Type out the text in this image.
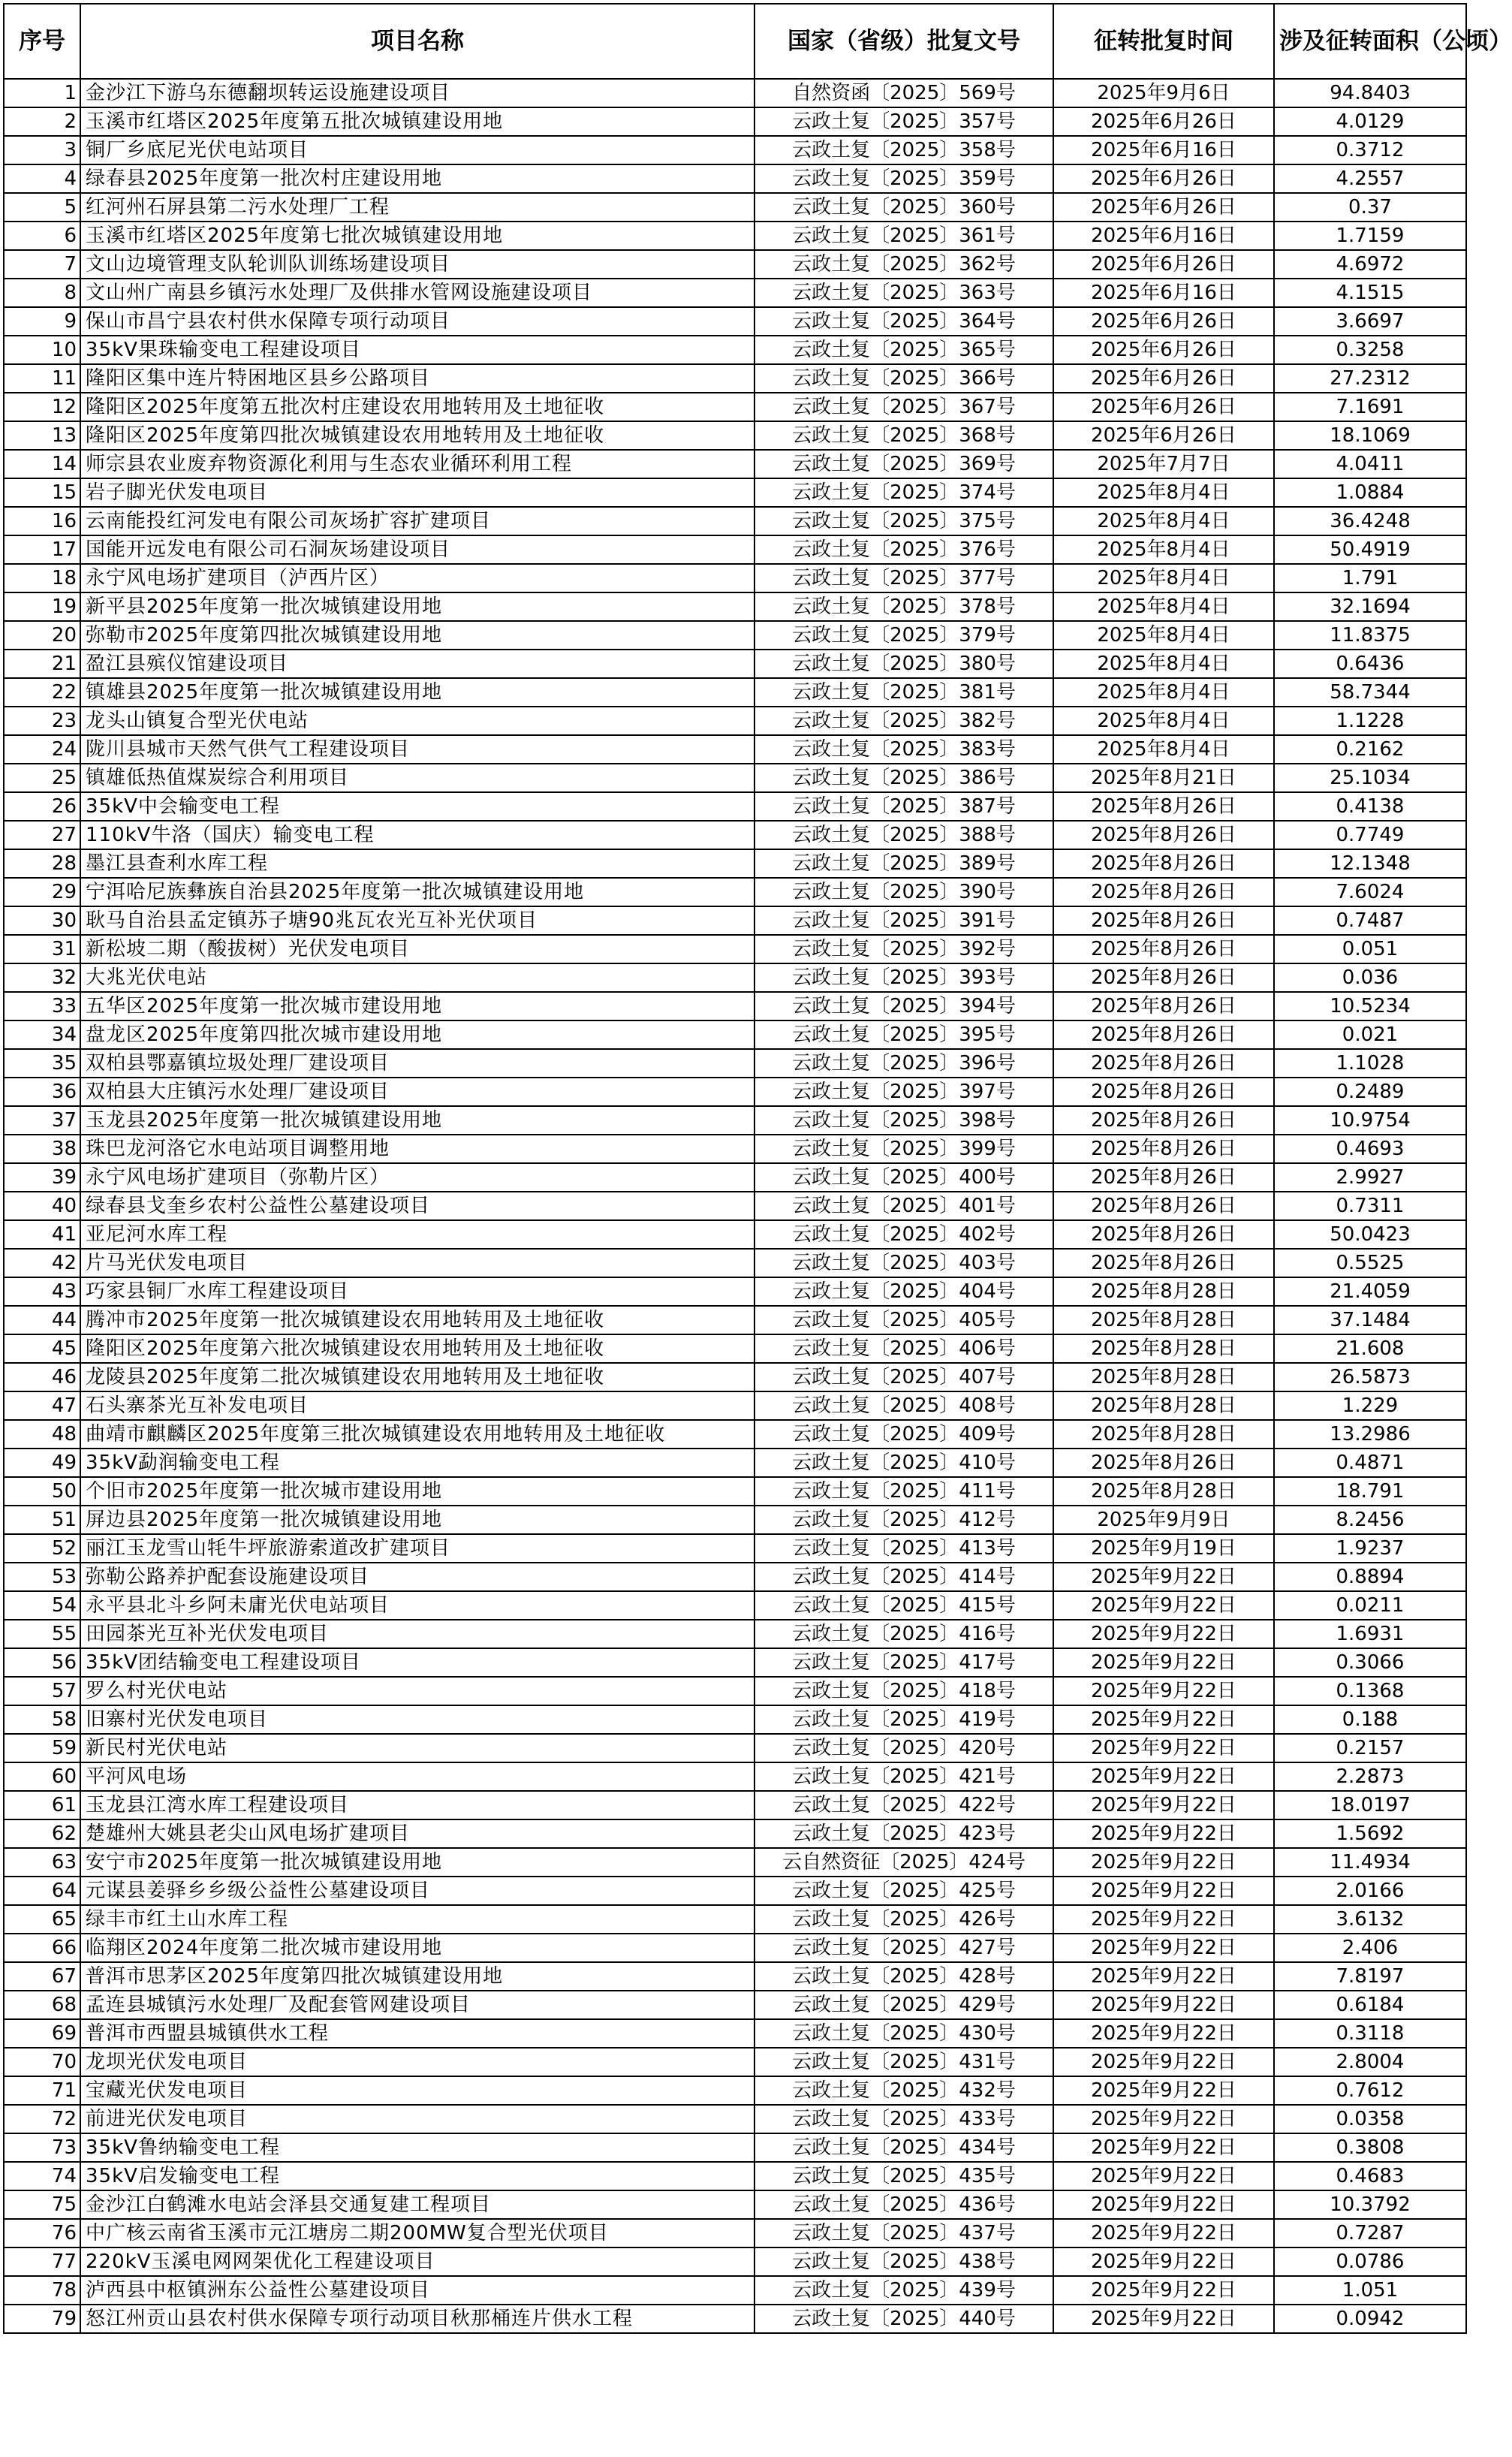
序号	项目名称	国家（省级）批复文号	征转批复时间	涉及征转面积（公顷）
1	金沙江下游乌东德翻坝转运设施建设项目	自然资函〔2025〕569号	2025年9月6日	94.8403
2	玉溪市红塔区2025年度第五批次城镇建设用地	云政土复〔2025〕357号	2025年6月26日	4.0129
3	铜厂乡底尼光伏电站项目	云政土复〔2025〕358号	2025年6月16日	0.3712
4	绿春县2025年度第一批次村庄建设用地	云政土复〔2025〕359号	2025年6月26日	4.2557
5	红河州石屏县第二污水处理厂工程	云政土复〔2025〕360号	2025年6月26日	0.37
6	玉溪市红塔区2025年度第七批次城镇建设用地	云政土复〔2025〕361号	2025年6月16日	1.7159
7	文山边境管理支队轮训队训练场建设项目	云政土复〔2025〕362号	2025年6月26日	4.6972
8	文山州广南县乡镇污水处理厂及供排水管网设施建设项目	云政土复〔2025〕363号	2025年6月16日	4.1515
9	保山市昌宁县农村供水保障专项行动项目	云政土复〔2025〕364号	2025年6月26日	3.6697
10	35kV果珠输变电工程建设项目	云政土复〔2025〕365号	2025年6月26日	0.3258
11	隆阳区集中连片特困地区县乡公路项目	云政土复〔2025〕366号	2025年6月26日	27.2312
12	隆阳区2025年度第五批次村庄建设农用地转用及土地征收	云政土复〔2025〕367号	2025年6月26日	7.1691
13	隆阳区2025年度第四批次城镇建设农用地转用及土地征收	云政土复〔2025〕368号	2025年6月26日	18.1069
14	师宗县农业废弃物资源化利用与生态农业循环利用工程	云政土复〔2025〕369号	2025年7月7日	4.0411
15	岩子脚光伏发电项目	云政土复〔2025〕374号	2025年8月4日	1.0884
16	云南能投红河发电有限公司灰场扩容扩建项目	云政土复〔2025〕375号	2025年8月4日	36.4248
17	国能开远发电有限公司石洞灰场建设项目	云政土复〔2025〕376号	2025年8月4日	50.4919
18	永宁风电场扩建项目（泸西片区）	云政土复〔2025〕377号	2025年8月4日	1.791
19	新平县2025年度第一批次城镇建设用地	云政土复〔2025〕378号	2025年8月4日	32.1694
20	弥勒市2025年度第四批次城镇建设用地	云政土复〔2025〕379号	2025年8月4日	11.8375
21	盈江县殡仪馆建设项目	云政土复〔2025〕380号	2025年8月4日	0.6436
22	镇雄县2025年度第一批次城镇建设用地	云政土复〔2025〕381号	2025年8月4日	58.7344
23	龙头山镇复合型光伏电站	云政土复〔2025〕382号	2025年8月4日	1.1228
24	陇川县城市天然气供气工程建设项目	云政土复〔2025〕383号	2025年8月4日	0.2162
25	镇雄低热值煤炭综合利用项目	云政土复〔2025〕386号	2025年8月21日	25.1034
26	35kV中会输变电工程	云政土复〔2025〕387号	2025年8月26日	0.4138
27	110kV牛洛（国庆）输变电工程	云政土复〔2025〕388号	2025年8月26日	0.7749
28	墨江县查利水库工程	云政土复〔2025〕389号	2025年8月26日	12.1348
29	宁洱哈尼族彝族自治县2025年度第一批次城镇建设用地	云政土复〔2025〕390号	2025年8月26日	7.6024
30	耿马自治县孟定镇苏子塘90兆瓦农光互补光伏项目	云政土复〔2025〕391号	2025年8月26日	0.7487
31	新松坡二期（酸拔树）光伏发电项目	云政土复〔2025〕392号	2025年8月26日	0.051
32	大兆光伏电站	云政土复〔2025〕393号	2025年8月26日	0.036
33	五华区2025年度第一批次城市建设用地	云政土复〔2025〕394号	2025年8月26日	10.5234
34	盘龙区2025年度第四批次城市建设用地	云政土复〔2025〕395号	2025年8月26日	0.021
35	双柏县鄂嘉镇垃圾处理厂建设项目	云政土复〔2025〕396号	2025年8月26日	1.1028
36	双柏县大庄镇污水处理厂建设项目	云政土复〔2025〕397号	2025年8月26日	0.2489
37	玉龙县2025年度第一批次城镇建设用地	云政土复〔2025〕398号	2025年8月26日	10.9754
38	珠巴龙河洛它水电站项目调整用地	云政土复〔2025〕399号	2025年8月26日	0.4693
39	永宁风电场扩建项目（弥勒片区）	云政土复〔2025〕400号	2025年8月26日	2.9927
40	绿春县戈奎乡农村公益性公墓建设项目	云政土复〔2025〕401号	2025年8月26日	0.7311
41	亚尼河水库工程	云政土复〔2025〕402号	2025年8月26日	50.0423
42	片马光伏发电项目	云政土复〔2025〕403号	2025年8月26日	0.5525
43	巧家县铜厂水库工程建设项目	云政土复〔2025〕404号	2025年8月28日	21.4059
44	腾冲市2025年度第一批次城镇建设农用地转用及土地征收	云政土复〔2025〕405号	2025年8月28日	37.1484
45	隆阳区2025年度第六批次城镇建设农用地转用及土地征收	云政土复〔2025〕406号	2025年8月28日	21.608
46	龙陵县2025年度第二批次城镇建设农用地转用及土地征收	云政土复〔2025〕407号	2025年8月28日	26.5873
47	石头寨茶光互补发电项目	云政土复〔2025〕408号	2025年8月28日	1.229
48	曲靖市麒麟区2025年度第三批次城镇建设农用地转用及土地征收	云政土复〔2025〕409号	2025年8月28日	13.2986
49	35kV勐润输变电工程	云政土复〔2025〕410号	2025年8月26日	0.4871
50	个旧市2025年度第一批次城市建设用地	云政土复〔2025〕411号	2025年8月28日	18.791
51	屏边县2025年度第一批次城镇建设用地	云政土复〔2025〕412号	2025年9月9日	8.2456
52	丽江玉龙雪山牦牛坪旅游索道改扩建项目	云政土复〔2025〕413号	2025年9月19日	1.9237
53	弥勒公路养护配套设施建设项目	云政土复〔2025〕414号	2025年9月22日	0.8894
54	永平县北斗乡阿未庸光伏电站项目	云政土复〔2025〕415号	2025年9月22日	0.0211
55	田园茶光互补光伏发电项目	云政土复〔2025〕416号	2025年9月22日	1.6931
56	35kV团结输变电工程建设项目	云政土复〔2025〕417号	2025年9月22日	0.3066
57	罗么村光伏电站	云政土复〔2025〕418号	2025年9月22日	0.1368
58	旧寨村光伏发电项目	云政土复〔2025〕419号	2025年9月22日	0.188
59	新民村光伏电站	云政土复〔2025〕420号	2025年9月22日	0.2157
60	平河风电场	云政土复〔2025〕421号	2025年9月22日	2.2873
61	玉龙县江湾水库工程建设项目	云政土复〔2025〕422号	2025年9月22日	18.0197
62	楚雄州大姚县老尖山风电场扩建项目	云政土复〔2025〕423号	2025年9月22日	1.5692
63	安宁市2025年度第一批次城镇建设用地	云自然资征〔2025〕424号	2025年9月22日	11.4934
64	元谋县姜驿乡乡级公益性公墓建设项目	云政土复〔2025〕425号	2025年9月22日	2.0166
65	绿丰市红土山水库工程	云政土复〔2025〕426号	2025年9月22日	3.6132
66	临翔区2024年度第二批次城市建设用地	云政土复〔2025〕427号	2025年9月22日	2.406
67	普洱市思茅区2025年度第四批次城镇建设用地	云政土复〔2025〕428号	2025年9月22日	7.8197
68	孟连县城镇污水处理厂及配套管网建设项目	云政土复〔2025〕429号	2025年9月22日	0.6184
69	普洱市西盟县城镇供水工程	云政土复〔2025〕430号	2025年9月22日	0.3118
70	龙坝光伏发电项目	云政土复〔2025〕431号	2025年9月22日	2.8004
71	宝藏光伏发电项目	云政土复〔2025〕432号	2025年9月22日	0.7612
72	前进光伏发电项目	云政土复〔2025〕433号	2025年9月22日	0.0358
73	35kV鲁纳输变电工程	云政土复〔2025〕434号	2025年9月22日	0.3808
74	35kV启发输变电工程	云政土复〔2025〕435号	2025年9月22日	0.4683
75	金沙江白鹤滩水电站会泽县交通复建工程项目	云政土复〔2025〕436号	2025年9月22日	10.3792
76	中广核云南省玉溪市元江塘房二期200MW复合型光伏项目	云政土复〔2025〕437号	2025年9月22日	0.7287
77	220kV玉溪电网网架优化工程建设项目	云政土复〔2025〕438号	2025年9月22日	0.0786
78	泸西县中枢镇洲东公益性公墓建设项目	云政土复〔2025〕439号	2025年9月22日	1.051
79	怒江州贡山县农村供水保障专项行动项目秋那桶连片供水工程	云政土复〔2025〕440号	2025年9月22日	0.0942
